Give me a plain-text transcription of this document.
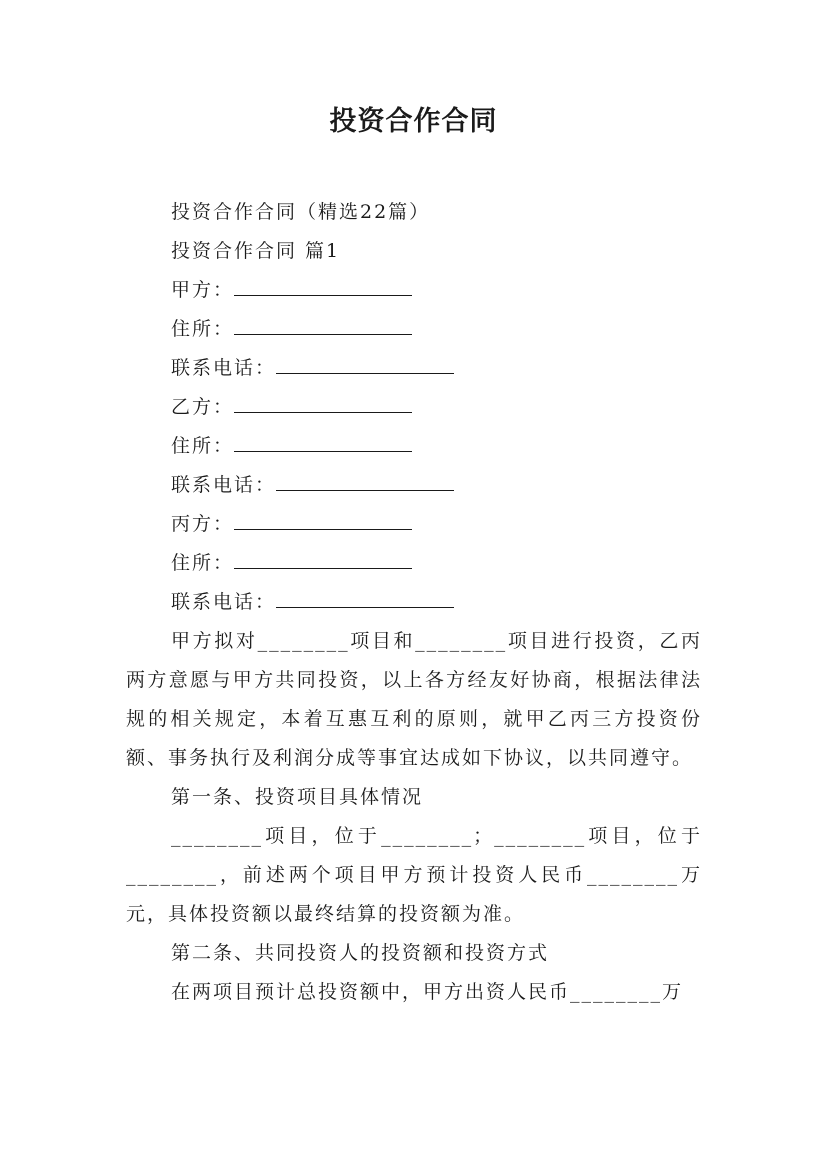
投资合作合同
投资合作合同（精选22篇）
投资合作合同 篇1
甲方：
住所：
联系电话：
乙方：
住所：
联系电话：
丙方：
住所：
联系电话：
甲方拟对________项目和________项目进行投资，乙丙两方意愿与甲方共同投资，以上各方经友好协商，根据法律法规的相关规定，本着互惠互利的原则，就甲乙丙三方投资份额、事务执行及利润分成等事宜达成如下协议，以共同遵守。
第一条、投资项目具体情况
________项目，位于________；________项目，位于________，前述两个项目甲方预计投资人民币________万元，具体投资额以最终结算的投资额为准。
第二条、共同投资人的投资额和投资方式
在两项目预计总投资额中，甲方出资人民币________万
